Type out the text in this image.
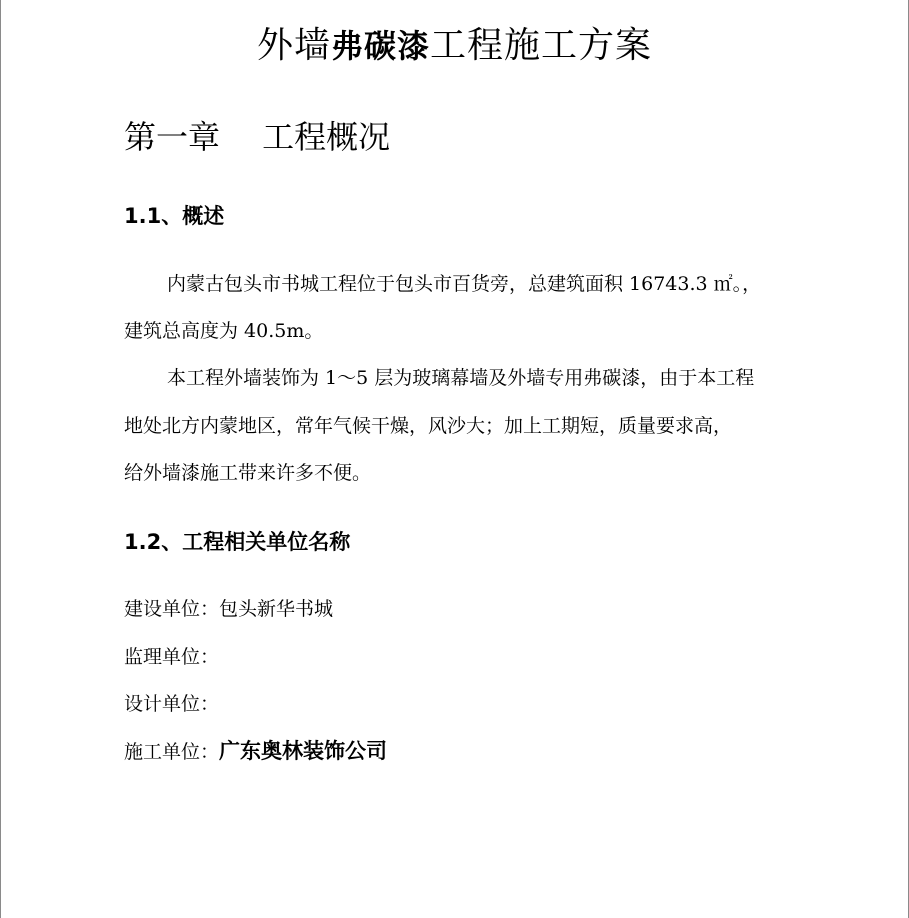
外墙弗碳漆工程施工方案
第一章　 工程概况
1.1、概述
内蒙古包头市书城工程位于包头市百货旁，总建筑面积 16743.3 ㎡。，
建筑总高度为 40.5m。
本工程外墙装饰为 1～5 层为玻璃幕墙及外墙专用弗碳漆，由于本工程
地处北方内蒙地区，常年气候干燥，风沙大；加上工期短，质量要求高，
给外墙漆施工带来许多不便。
1.2、工程相关单位名称
建设单位：包头新华书城
监理单位：
设计单位：
施工单位：广东奥林装饰公司
